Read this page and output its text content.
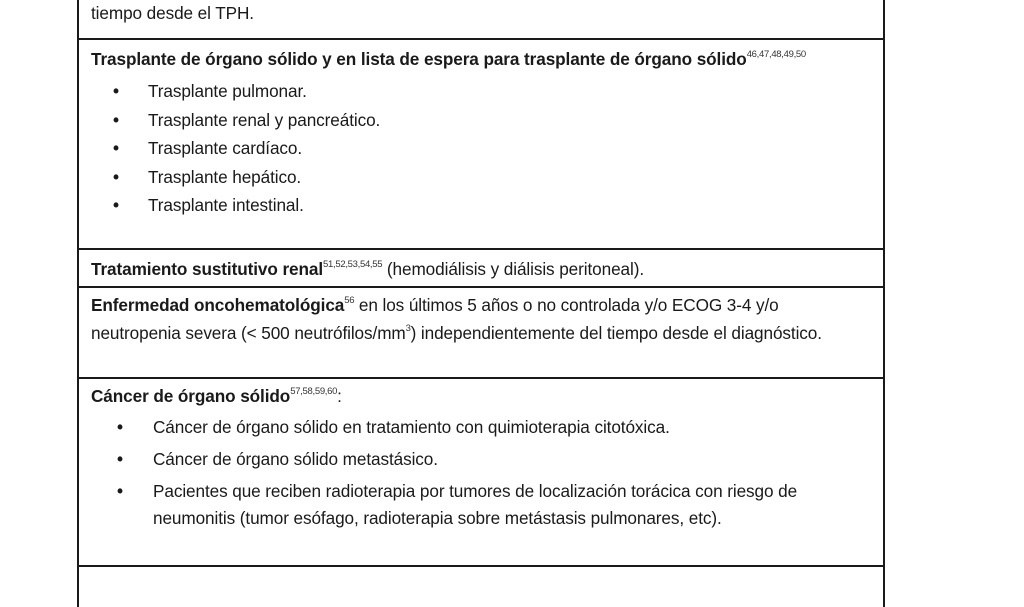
tiempo desde el TPH.

Trasplante de órgano sólido y en lista de espera para trasplante de órgano sólido$^{46,47,48,49,50}$

• Trasplante pulmonar.
• Trasplante renal y pancreático.
• Trasplante cardíaco.
• Trasplante hepático.
• Trasplante intestinal.

Tratamiento sustitutivo renal$^{51,52,53,54,55}$ (hemodiálisis y diálisis peritoneal).

Enfermedad oncohematológica$^{56}$ en los últimos 5 años o no controlada y/o ECOG 3-4 y/o neutropenia severa (< 500 neutrófilos/$mm^3$) independientemente del tiempo desde el diagnóstico.

Cáncer de órgano sólido$^{57,58,59,60}$:

• Cáncer de órgano sólido en tratamiento con quimioterapia citotóxica.
• Cáncer de órgano sólido metastásico.
• Pacientes que reciben radioterapia por tumores de localización torácica con riesgo de neumonitis (tumor esófago, radioterapia sobre metástasis pulmonares, etc).
